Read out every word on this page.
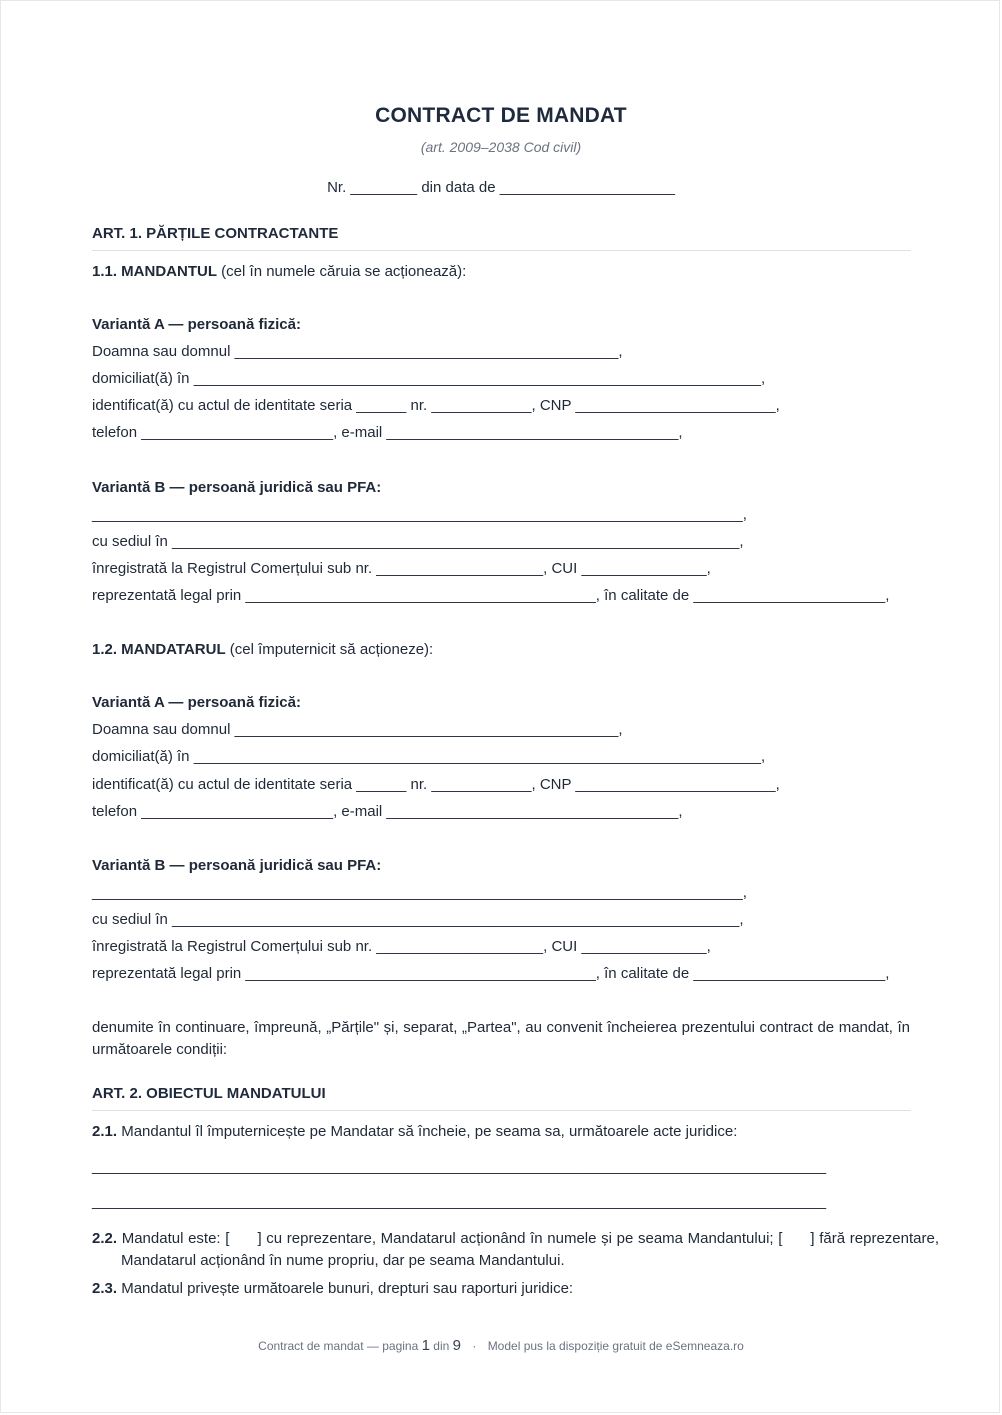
CONTRACT DE MANDAT
(art. 2009–2038 Cod civil)
Nr. ________ din data de _____________________
ART. 1. PĂRȚILE CONTRACTANTE
1.1. MANDANTUL (cel în numele căruia se acționează):
Variantă A — persoană fizică:
Doamna sau domnul ______________________________________________,
domiciliat(ă) în ____________________________________________________________________,
identificat(ă) cu actul de identitate seria ______ nr. ____________, CNP ________________________,
telefon _______________________, e-mail ___________________________________,
Variantă B — persoană juridică sau PFA:
______________________________________________________________________________,
cu sediul în ____________________________________________________________________,
înregistrată la Registrul Comerțului sub nr. ____________________, CUI _______________,
reprezentată legal prin __________________________________________, în calitate de _______________________,
1.2. MANDATARUL (cel împuternicit să acționeze):
Variantă A — persoană fizică:
Doamna sau domnul ______________________________________________,
domiciliat(ă) în ____________________________________________________________________,
identificat(ă) cu actul de identitate seria ______ nr. ____________, CNP ________________________,
telefon _______________________, e-mail ___________________________________,
Variantă B — persoană juridică sau PFA:
______________________________________________________________________________,
cu sediul în ____________________________________________________________________,
înregistrată la Registrul Comerțului sub nr. ____________________, CUI _______________,
reprezentată legal prin __________________________________________, în calitate de _______________________,
denumite în continuare, împreună, „Părțile" și, separat, „Partea", au convenit încheierea prezentului contract de mandat, în următoarele condiții:
ART. 2. OBIECTUL MANDATULUI
2.1. Mandantul îl împuternicește pe Mandatar să încheie, pe seama sa, următoarele acte juridice:
________________________________________________________________________________________
________________________________________________________________________________________
2.2. Mandatul este: [ ] cu reprezentare, Mandatarul acționând în numele și pe seama Mandantului; [ ] fără reprezentare, Mandatarul acționând în nume propriu, dar pe seama Mandantului.
2.3. Mandatul privește următoarele bunuri, drepturi sau raporturi juridice:
Contract de mandat — pagina 1 din 9 · Model pus la dispoziție gratuit de eSemneaza.ro
